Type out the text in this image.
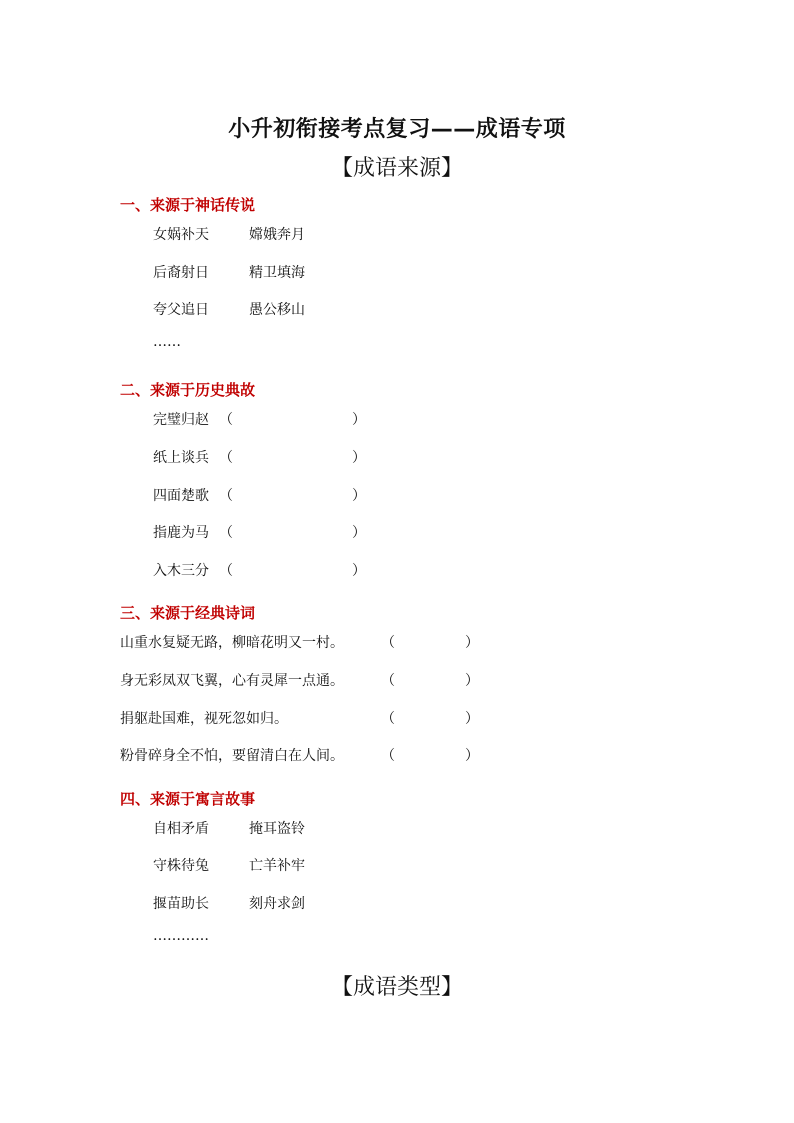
小升初衔接考点复习——成语专项
【成语来源】
一、来源于神话传说
女娲补天	嫦娥奔月
后裔射日	精卫填海
夸父追日	愚公移山
……
二、来源于历史典故
完璧归赵 （	）
纸上谈兵 （	）
四面楚歌 （	）
指鹿为马 （	）
入木三分 （	）
三、来源于经典诗词
山重水复疑无路，柳暗花明又一村。	（	）
身无彩凤双飞翼，心有灵犀一点通。	（	）
捐躯赴国难，视死忽如归。	（	）
粉骨碎身全不怕，要留清白在人间。	（	）
四、来源于寓言故事
自相矛盾	掩耳盗铃
守株待兔	亡羊补牢
揠苗助长	刻舟求剑
…………
【成语类型】
